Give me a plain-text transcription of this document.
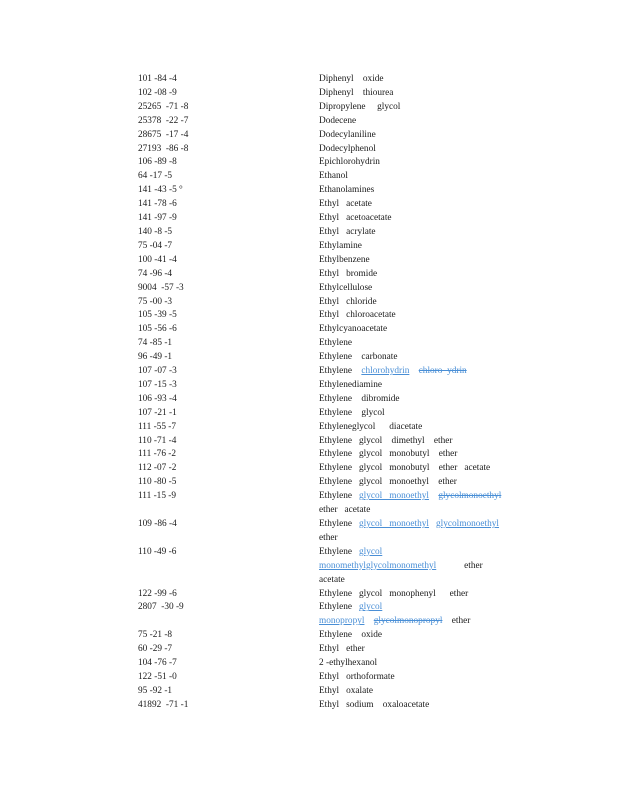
101 -84 -4	Diphenyl    oxide
102 -08 -9	Diphenyl    thiourea
25265  -71 -8	Dipropylene     glycol
25378  -22 -7	Dodecene
28675  -17 -4	Dodecylaniline
27193  -86 -8	Dodecylphenol
106 -89 -8	Epichlorohydrin
64 -17 -5	Ethanol
141 -43 -5 °	Ethanolamines
141 -78 -6	Ethyl   acetate
141 -97 -9	Ethyl   acetoacetate
140 -8 -5	Ethyl   acrylate
75 -04 -7	Ethylamine
100 -41 -4	Ethylbenzene
74 -96 -4	Ethyl   bromide
9004  -57 -3	Ethylcellulose
75 -00 -3	Ethyl   chloride
105 -39 -5	Ethyl   chloroacetate
105 -56 -6	Ethylcyanoacetate
74 -85 -1	Ethylene
96 -49 -1	Ethylene    carbonate
107 -07 -3	Ethylene    chlorohydrin chloro  ydrin
107 -15 -3	Ethylenediamine
106 -93 -4	Ethylene    dibromide
107 -21 -1	Ethylene    glycol
111 -55 -7	Ethyleneglycol      diacetate
110 -71 -4	Ethylene   glycol    dimethyl    ether
111 -76 -2	Ethylene   glycol   monobutyl    ether
112 -07 -2	Ethylene   glycol   monobutyl    ether   acetate
110 -80 -5	Ethylene   glycol   monoethyl    ether
111 -15 -9	Ethylene   glycol   monoethyl glycolmonoethyl
ether   acetate
109 -86 -4	Ethylene   glycol   monoethyl glycolmonoethyl
ether
110 -49 -6	Ethylene   glycol
monomethylglycolmonomethyl	ether
acetate
122 -99 -6	Ethylene   glycol   monophenyl      ether
2807  -30 -9	Ethylene   glycol
monopropyl glycolmonopropyl    ether
75 -21 -8	Ethylene    oxide
60 -29 -7	Ethyl   ether
104 -76 -7	2 -ethylhexanol
122 -51 -0	Ethyl   orthoformate
95 -92 -1	Ethyl   oxalate
41892  -71 -1	Ethyl   sodium    oxaloacetate
